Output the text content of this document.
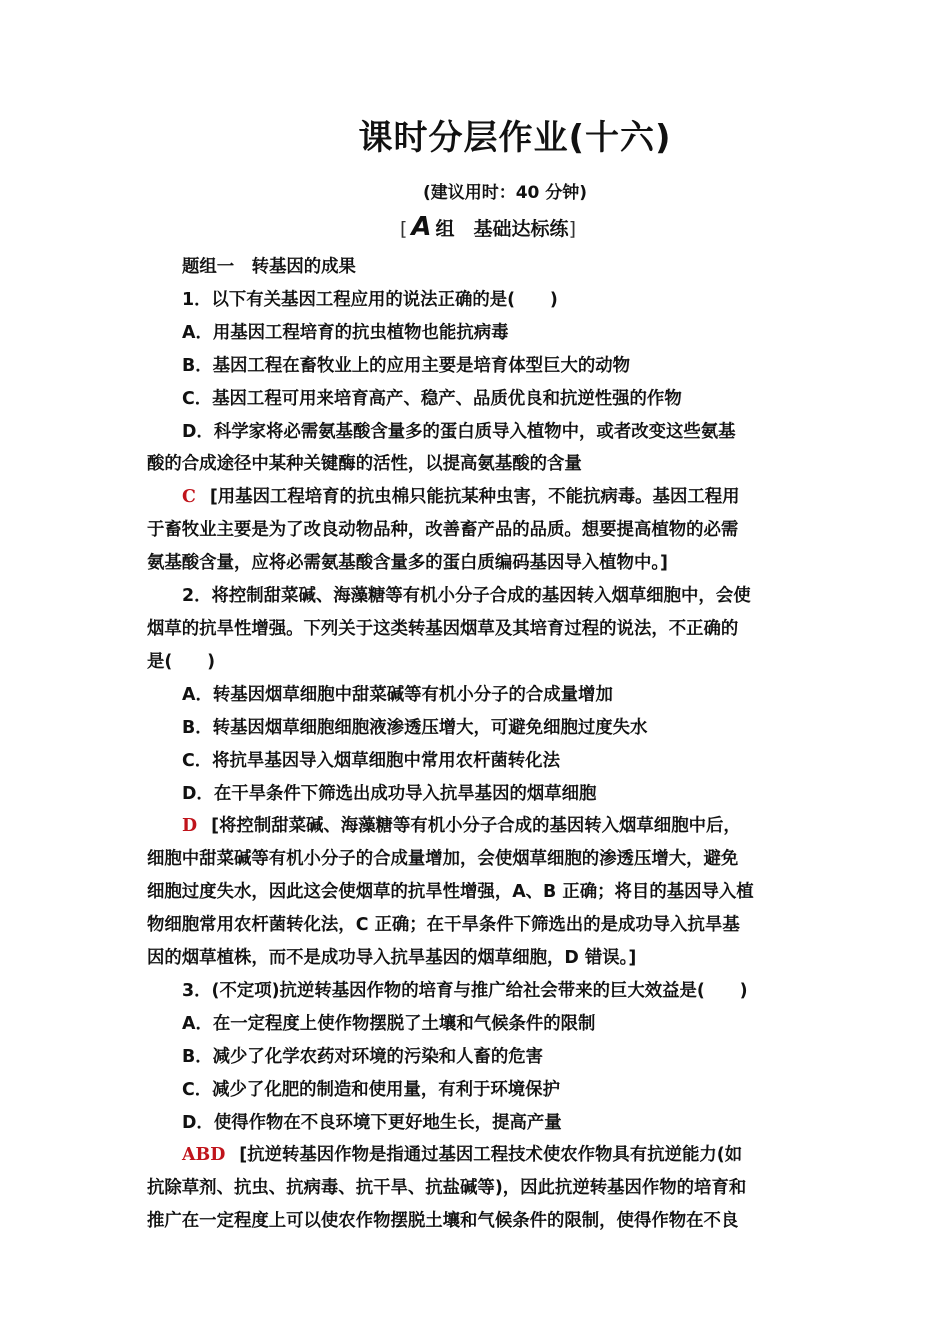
课时分层作业(十六)
(建议用时：40 分钟)
[ A 组　基础达标练]
题组一　转基因的成果
1．以下有关基因工程应用的说法正确的是(　　)
A．用基因工程培育的抗虫植物也能抗病毒
B．基因工程在畜牧业上的应用主要是培育体型巨大的动物
C．基因工程可用来培育高产、稳产、品质优良和抗逆性强的作物
D．科学家将必需氨基酸含量多的蛋白质导入植物中，或者改变这些氨基
酸的合成途径中某种关键酶的活性，以提高氨基酸的含量
C [用基因工程培育的抗虫棉只能抗某种虫害，不能抗病毒。基因工程用
于畜牧业主要是为了改良动物品种，改善畜产品的品质。想要提高植物的必需
氨基酸含量，应将必需氨基酸含量多的蛋白质编码基因导入植物中。]
2．将控制甜菜碱、海藻糖等有机小分子合成的基因转入烟草细胞中，会使
烟草的抗旱性增强。下列关于这类转基因烟草及其培育过程的说法，不正确的
是(　　)
A．转基因烟草细胞中甜菜碱等有机小分子的合成量增加
B．转基因烟草细胞细胞液渗透压增大，可避免细胞过度失水
C．将抗旱基因导入烟草细胞中常用农杆菌转化法
D．在干旱条件下筛选出成功导入抗旱基因的烟草细胞
D [将控制甜菜碱、海藻糖等有机小分子合成的基因转入烟草细胞中后，
细胞中甜菜碱等有机小分子的合成量增加，会使烟草细胞的渗透压增大，避免
细胞过度失水，因此这会使烟草的抗旱性增强，A、B 正确；将目的基因导入植
物细胞常用农杆菌转化法，C 正确；在干旱条件下筛选出的是成功导入抗旱基
因的烟草植株，而不是成功导入抗旱基因的烟草细胞，D 错误。]
3．(不定项)抗逆转基因作物的培育与推广给社会带来的巨大效益是(　　)
A．在一定程度上使作物摆脱了土壤和气候条件的限制
B．减少了化学农药对环境的污染和人畜的危害
C．减少了化肥的制造和使用量，有利于环境保护
D．使得作物在不良环境下更好地生长，提高产量
ABD [抗逆转基因作物是指通过基因工程技术使农作物具有抗逆能力(如
抗除草剂、抗虫、抗病毒、抗干旱、抗盐碱等)，因此抗逆转基因作物的培育和
推广在一定程度上可以使农作物摆脱土壤和气候条件的限制，使得作物在不良
